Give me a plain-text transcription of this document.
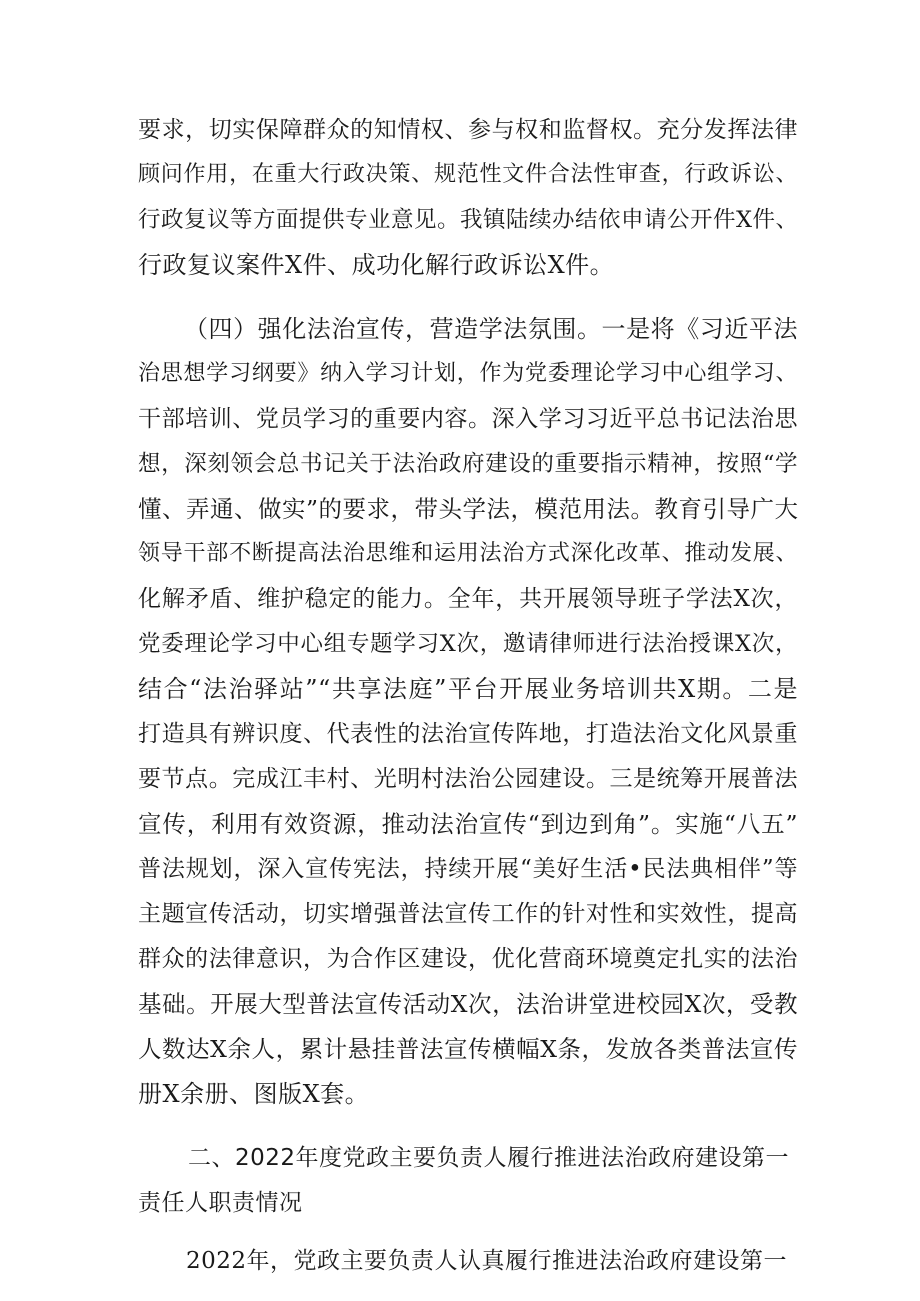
要求，切实保障群众的知情权、参与权和监督权。充分发挥法律
顾问作用，在重大行政决策、规范性文件合法性审查，行政诉讼、
行政复议等方面提供专业意见。我镇陆续办结依申请公开件X件、
行政复议案件X件、成功化解行政诉讼X件。
（四）强化法治宣传，营造学法氛围。一是将《习近平法
治思想学习纲要》纳入学习计划，作为党委理论学习中心组学习、
干部培训、党员学习的重要内容。深入学习习近平总书记法治思
想，深刻领会总书记关于法治政府建设的重要指示精神，按照“学
懂、弄通、做实”的要求，带头学法，模范用法。教育引导广大
领导干部不断提高法治思维和运用法治方式深化改革、推动发展、
化解矛盾、维护稳定的能力。全年，共开展领导班子学法X次，
党委理论学习中心组专题学习X次，邀请律师进行法治授课X次，
结合“法治驿站”“共享法庭”平台开展业务培训共X期。二是
打造具有辨识度、代表性的法治宣传阵地，打造法治文化风景重
要节点。完成江丰村、光明村法治公园建设。三是统筹开展普法
宣传，利用有效资源，推动法治宣传“到边到角”。实施“八五”
普法规划，深入宣传宪法，持续开展“美好生活•民法典相伴”等
主题宣传活动，切实增强普法宣传工作的针对性和实效性，提高
群众的法律意识，为合作区建设，优化营商环境奠定扎实的法治
基础。开展大型普法宣传活动X次，法治讲堂进校园X次，受教
人数达X余人，累计悬挂普法宣传横幅X条，发放各类普法宣传
册X余册、图版X套。
二、2022年度党政主要负责人履行推进法治政府建设第一
责任人职责情况
2022年，党政主要负责人认真履行推进法治政府建设第一
